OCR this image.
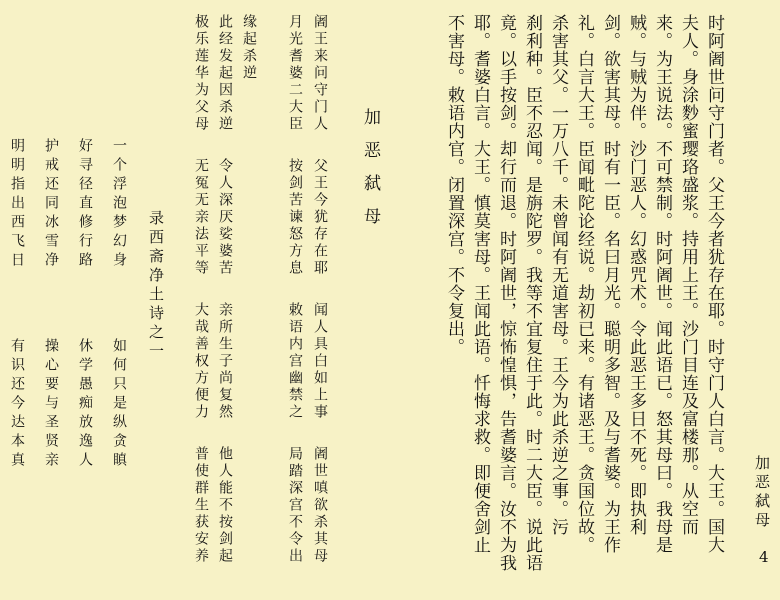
加恶弑母
4
时阿阇世问守门者。父王今者犹存在耶。时守门人白言。大王。国大
夫人。身涂麨蜜璎珞盛浆。持用上王。沙门目连及富楼那。从空而
来。为王说法。不可禁制。时阿阇世。闻此语已。怒其母曰。我母是
贼。与贼为伴。沙门恶人。幻惑咒术。令此恶王多日不死。即执利
剑。欲害其母。时有一臣。名曰月光。聪明多智。及与耆婆。为王作
礼。白言大王。臣闻毗陀论经说。劫初已来。有诸恶王。贪国位故。
杀害其父。一万八千。未曾闻有无道害母。王今为此杀逆之事。污
刹利种。臣不忍闻。是旃陀罗。我等不宜复住于此。时二大臣。说此语
竟。以手按剑。却行而退。时阿阇世，惊怖惶惧，告耆婆言。汝不为我
耶。耆婆白言。大王。慎莫害母。王闻此语。忏悔求救。即便舍剑止
不害母。敕语内官。闭置深宫。不令复出。
加恶弑母
阇王来问守门人
父王今犹存在耶
闻人具白如上事
阇世嗔欲杀其母
月光耆婆二大臣
按剑苦谏怒方息
敕语内宫幽禁之
局踏深宫不令出
缘起杀逆
此经发起因杀逆
令人深厌娑婆苦
亲所生子尚复然
他人能不按剑起
极乐莲华为父母
无冤无亲法平等
大哉善权方便力
普使群生获安养
录西斋净土诗之一
一个浮泡梦幻身
如何只是纵贪瞋
好寻径直修行路
休学愚痴放逸人
护戒还同冰雪净
操心要与圣贤亲
明明指出西飞日
有识还今达本真
